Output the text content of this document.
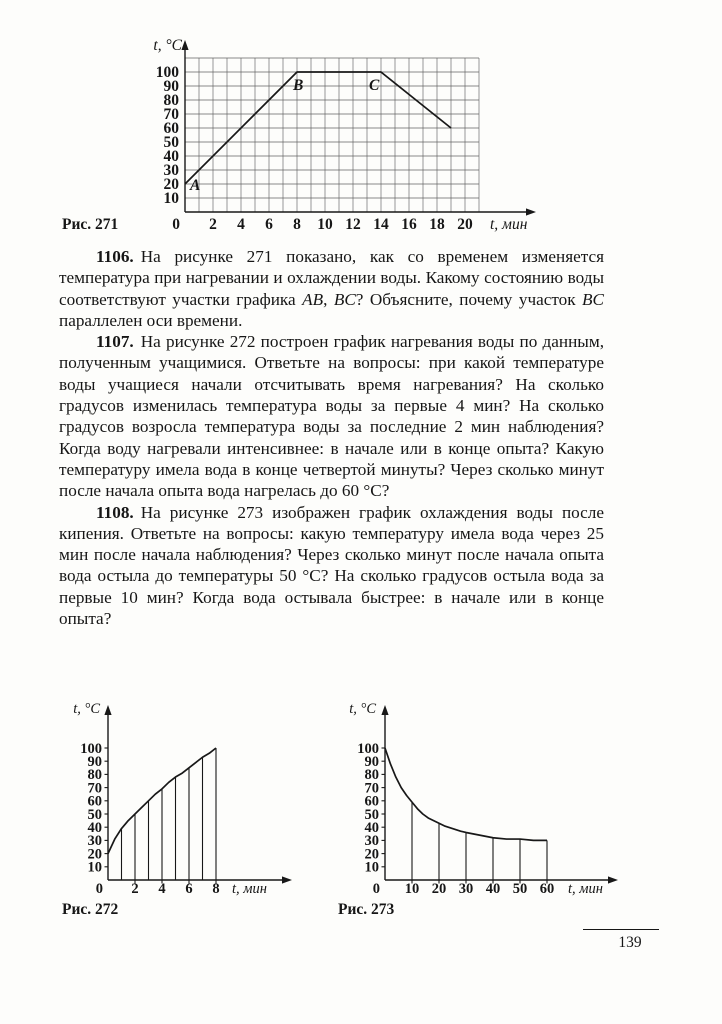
2 4 6 8 10 12 14 16 18 20
10
20
30
40
50
60
70
80
90
100
0	t, мин
t, °C
A
B	C
Рис. 271

1106. На рисунке 271 показано, как со временем изменяется температура при нагревании и охлаждении воды. Какому состоянию воды соответствуют участки графика AB, BC? Объясните, почему участок BC параллелен оси времени.

1107. На рисунке 272 построен график нагревания воды по данным, полученным учащимися. Ответьте на вопросы: при какой температуре воды учащиеся начали отсчитывать время нагревания? На сколько градусов изменилась температура воды за первые 4 мин? На сколько градусов возросла температура воды за последние 2 мин наблюдения? Когда воду нагревали интенсивнее: в начале или в конце опыта? Какую температуру имела вода в конце четвертой минуты? Через сколько минут после начала опыта вода нагрелась до 60 °C?

1108. На рисунке 273 изображен график охлаждения воды после кипения. Ответьте на вопросы: какую температуру имела вода через 25 мин после начала наблюдения? Через сколько минут после начала опыта вода остыла до температуры 50 °C? На сколько градусов остыла вода за первые 10 мин? Когда вода остывала быстрее: в начале или в конце опыта?

2 4 6 8
10
20
30
40
50
60
70
80
90
100
0	t, мин
t, °C
Рис. 272
10 20 30 40 50 60
10
20
30
40
50
60
70
80
90
100
0	t, мин
t, °C
Рис. 273
139
